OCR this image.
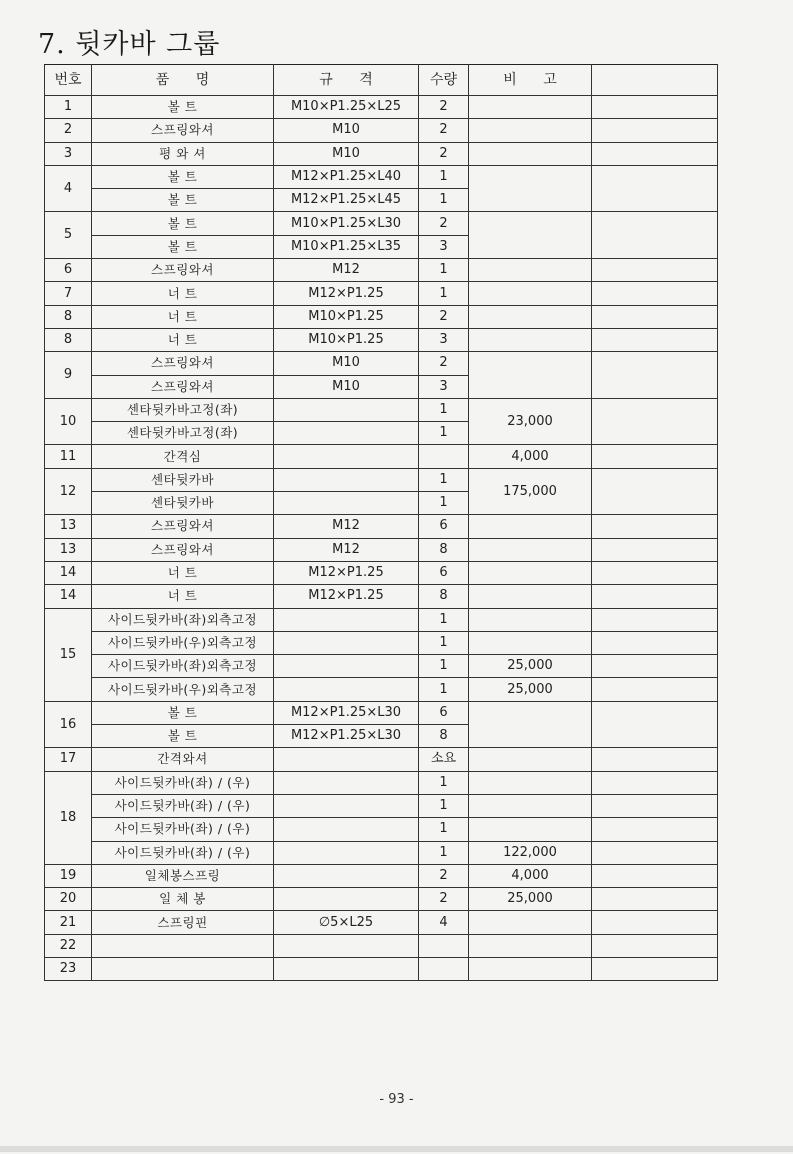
7. 뒷카바 그룹
번호	품 명	규 격	수량	비 고	
1	볼 트	M10×P1.25×L25	2		
2	스프링와셔	M10	2		
3	평 와 셔	M10	2		
4	볼 트	M12×P1.25×L40	1		
	볼 트	M12×P1.25×L45	1		
5	볼 트	M10×P1.25×L30	2		
	볼 트	M10×P1.25×L35	3		
6	스프링와셔	M12	1		
7	너 트	M12×P1.25	1		
8	너 트	M10×P1.25	2		
8	너 트	M10×P1.25	3		
9	스프링와셔	M10	2		
	스프링와셔	M10	3		
10	센타뒷카바고정(좌)		1	23,000	
	센타뒷카바고정(좌)		1		
11	간격심			4,000	
12	센타뒷카바		1	175,000	
	센타뒷카바		1		
13	스프링와셔	M12	6		
13	스프링와셔	M12	8		
14	너 트	M12×P1.25	6		
14	너 트	M12×P1.25	8		
15	사이드뒷카바(좌)외측고정		1		
	사이드뒷카바(우)외측고정		1		
	사이드뒷카바(좌)외측고정		1	25,000	
	사이드뒷카바(우)외측고정		1	25,000	
16	볼 트	M12×P1.25×L30	6		
	볼 트	M12×P1.25×L30	8		
17	간격와셔		소요		
18	사이드뒷카바(좌) / (우)		1		
	사이드뒷카바(좌) / (우)		1		
	사이드뒷카바(좌) / (우)		1		
	사이드뒷카바(좌) / (우)		1	122,000	
19	일체봉스프링		2	4,000	
20	일 체 봉		2	25,000	
21	스프링핀	∅5×L25	4		
22					
23					
- 93 -
